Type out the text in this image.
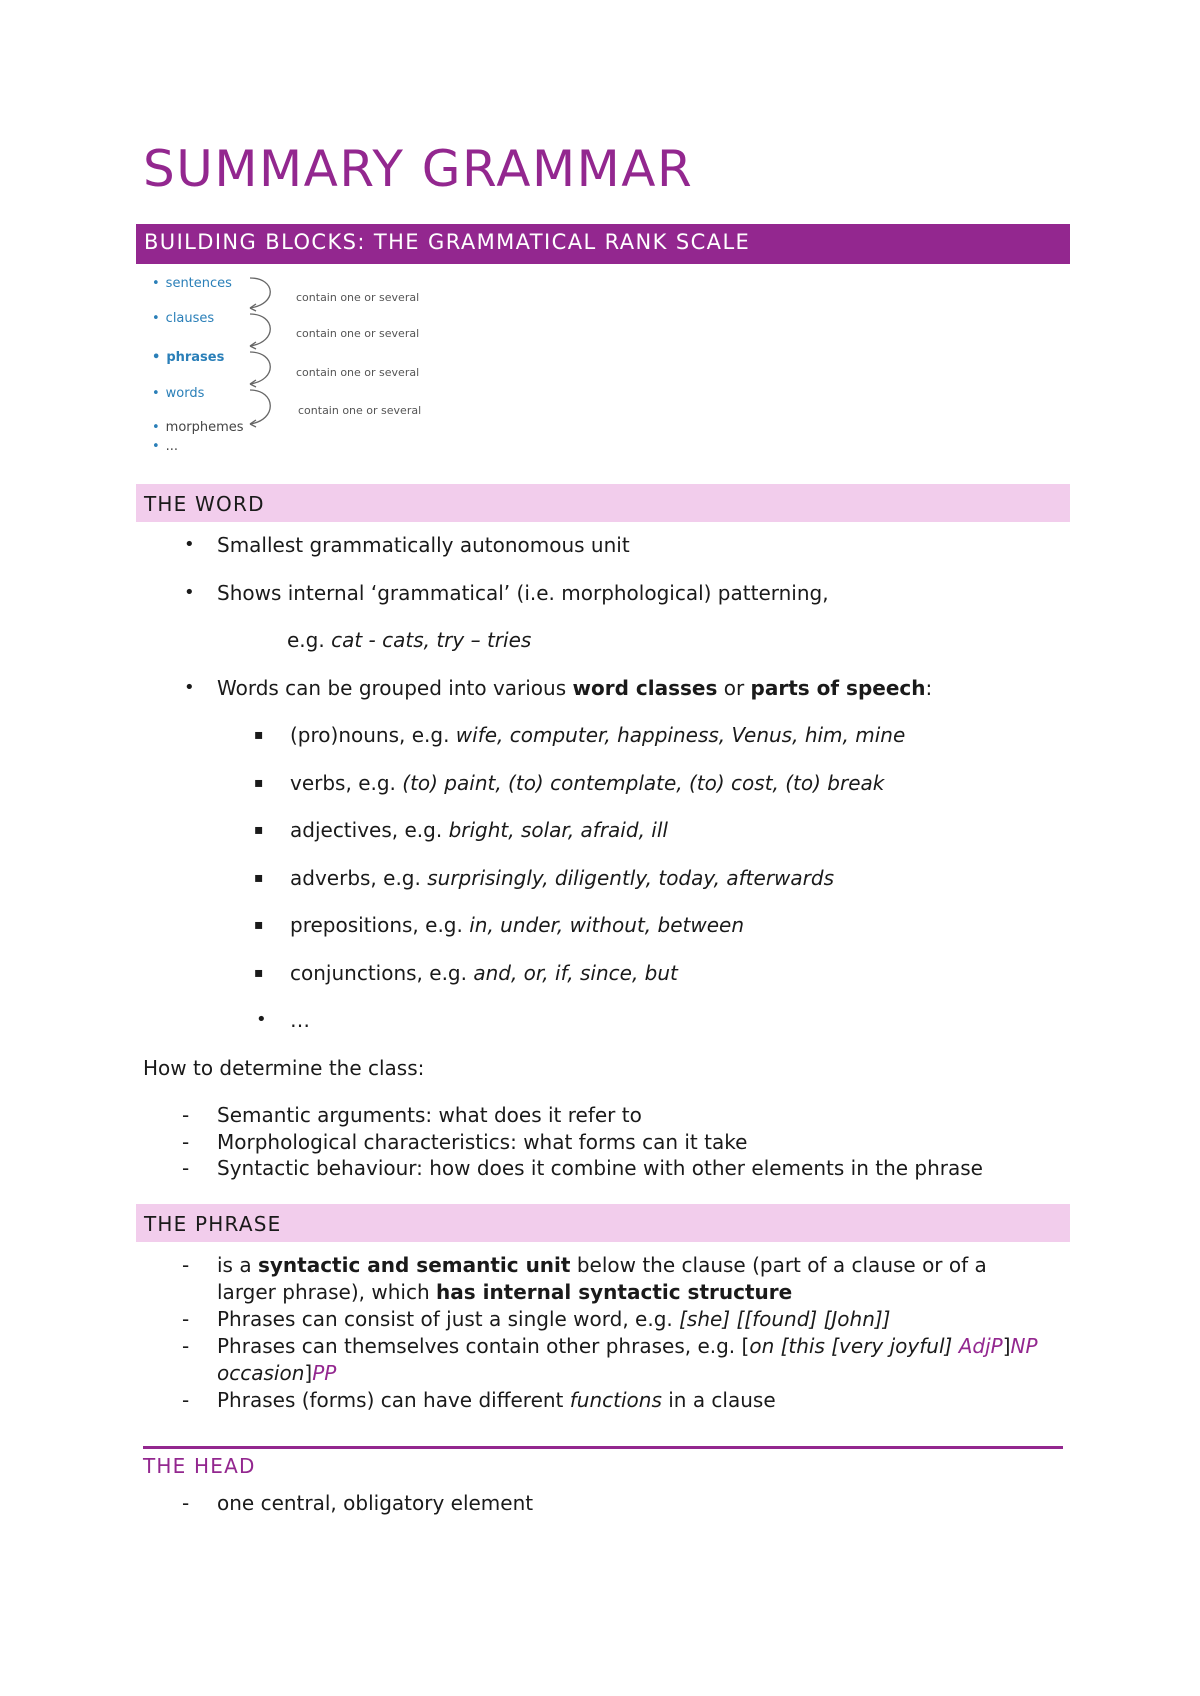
SUMMARY GRAMMAR
BUILDING BLOCKS: THE GRAMMATICAL RANK SCALE
• sentences
• clauses
• phrases
• words
• morphemes
• ...
contain one or several
contain one or several
contain one or several
contain one or several
THE WORD
• Smallest grammatically autonomous unit
• Shows internal ‘grammatical’ (i.e. morphological) patterning,
e.g. cat - cats, try – tries
• Words can be grouped into various word classes or parts of speech:
▪ (pro)nouns, e.g. wife, computer, happiness, Venus, him, mine
▪ verbs, e.g. (to) paint, (to) contemplate, (to) cost, (to) break
▪ adjectives, e.g. bright, solar, afraid, ill
▪ adverbs, e.g. surprisingly, diligently, today, afterwards
▪ prepositions, e.g. in, under, without, between
▪ conjunctions, e.g. and, or, if, since, but
• …
How to determine the class:
- Semantic arguments: what does it refer to
- Morphological characteristics: what forms can it take
- Syntactic behaviour: how does it combine with other elements in the phrase
THE PHRASE
- is a syntactic and semantic unit below the clause (part of a clause or of a
larger phrase), which has internal syntactic structure
- Phrases can consist of just a single word, e.g. [she] [[found] [John]]
- Phrases can themselves contain other phrases, e.g. [on [this [very joyful] AdjP]NP
occasion]PP
- Phrases (forms) can have different functions in a clause
THE HEAD
- one central, obligatory element
